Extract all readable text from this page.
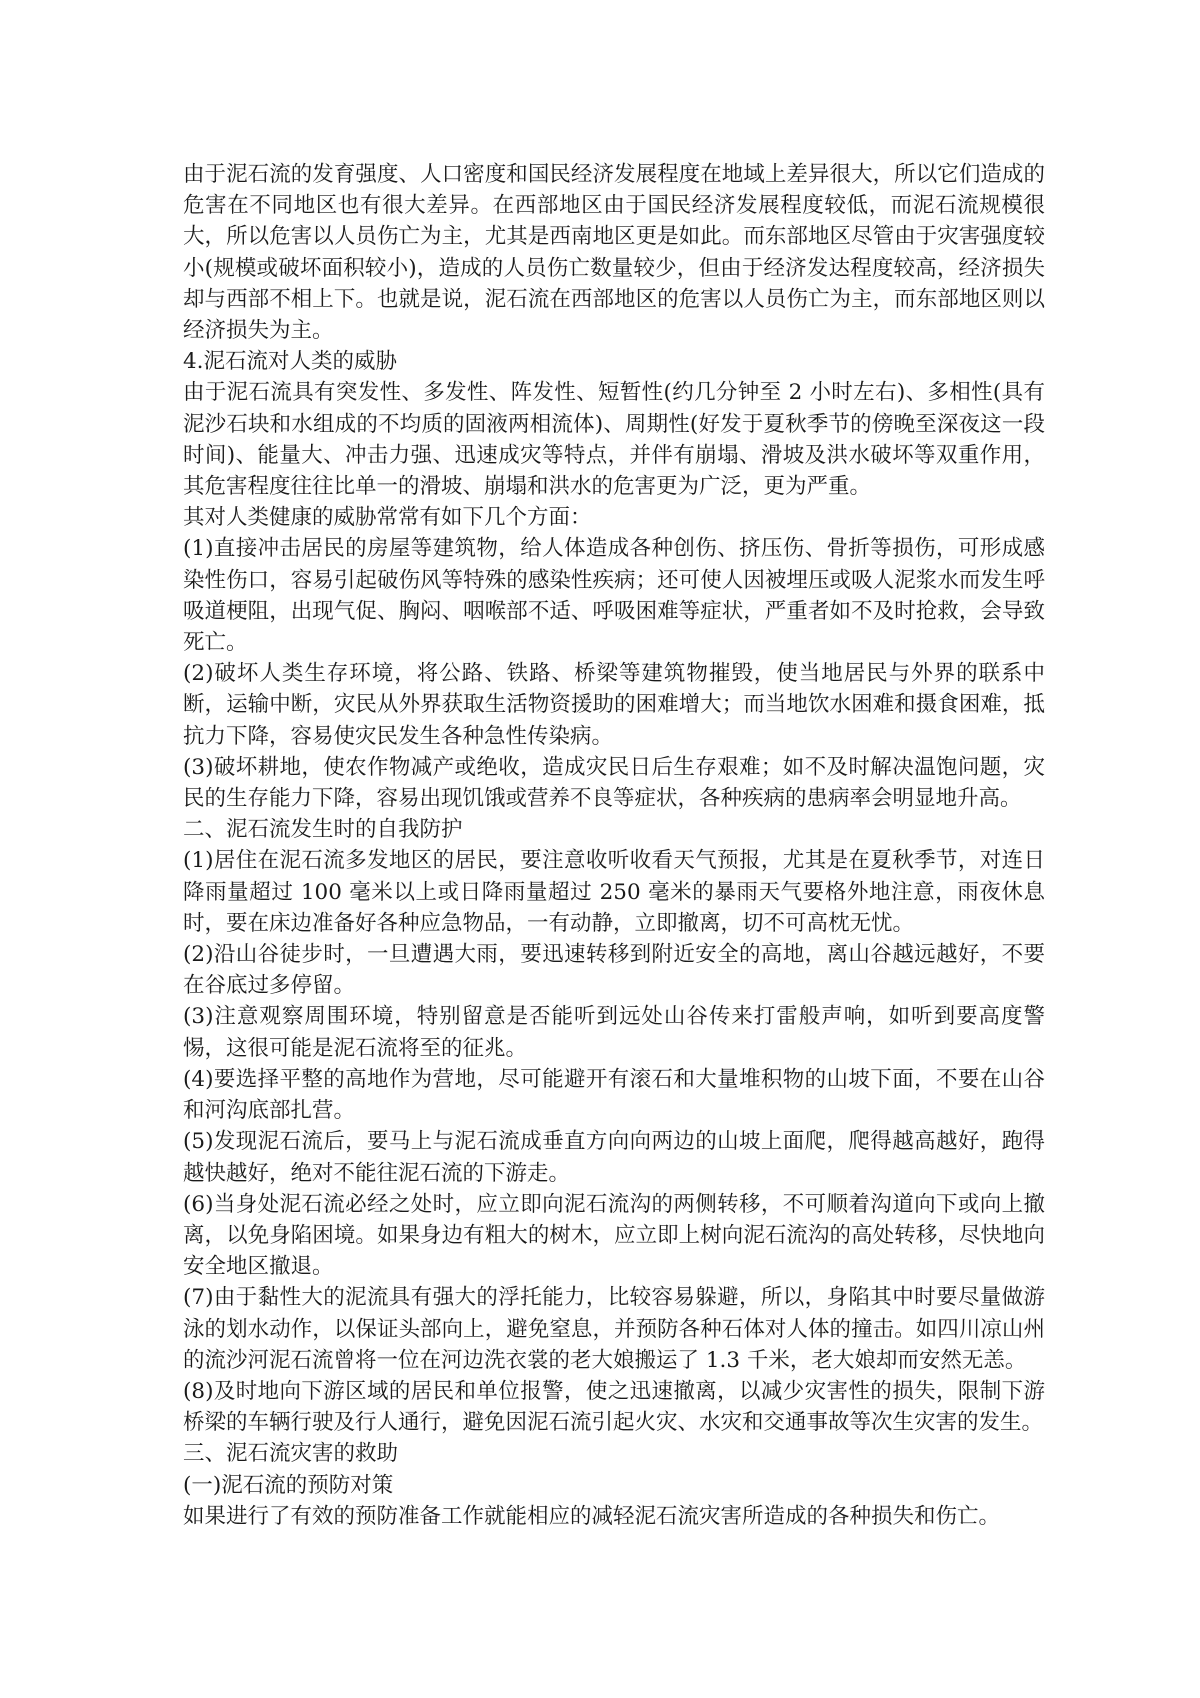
由于泥石流的发育强度、人口密度和国民经济发展程度在地域上差异很大，所以它们造成的危害在不同地区也有很大差异。在西部地区由于国民经济发展程度较低，而泥石流规模很大，所以危害以人员伤亡为主，尤其是西南地区更是如此。而东部地区尽管由于灾害强度较小(规模或破坏面积较小)，造成的人员伤亡数量较少，但由于经济发达程度较高，经济损失却与西部不相上下。也就是说，泥石流在西部地区的危害以人员伤亡为主，而东部地区则以经济损失为主。

4.泥石流对人类的威胁

由于泥石流具有突发性、多发性、阵发性、短暂性(约几分钟至 2 小时左右)、多相性(具有泥沙石块和水组成的不均质的固液两相流体)、周期性(好发于夏秋季节的傍晚至深夜这一段时间)、能量大、冲击力强、迅速成灾等特点，并伴有崩塌、滑坡及洪水破坏等双重作用，其危害程度往往比单一的滑坡、崩塌和洪水的危害更为广泛，更为严重。

其对人类健康的威胁常常有如下几个方面：

(1)直接冲击居民的房屋等建筑物，给人体造成各种创伤、挤压伤、骨折等损伤，可形成感染性伤口，容易引起破伤风等特殊的感染性疾病；还可使人因被埋压或吸人泥浆水而发生呼吸道梗阻，出现气促、胸闷、咽喉部不适、呼吸困难等症状，严重者如不及时抢救，会导致死亡。

(2)破坏人类生存环境，将公路、铁路、桥梁等建筑物摧毁，使当地居民与外界的联系中断，运输中断，灾民从外界获取生活物资援助的困难增大；而当地饮水困难和摄食困难，抵抗力下降，容易使灾民发生各种急性传染病。

(3)破坏耕地，使农作物减产或绝收，造成灾民日后生存艰难；如不及时解决温饱问题，灾民的生存能力下降，容易出现饥饿或营养不良等症状，各种疾病的患病率会明显地升高。

二、泥石流发生时的自我防护

(1)居住在泥石流多发地区的居民，要注意收听收看天气预报，尤其是在夏秋季节，对连日降雨量超过 100 毫米以上或日降雨量超过 250 毫米的暴雨天气要格外地注意，雨夜休息时，要在床边准备好各种应急物品，一有动静，立即撤离，切不可高枕无忧。

(2)沿山谷徒步时，一旦遭遇大雨，要迅速转移到附近安全的高地，离山谷越远越好，不要在谷底过多停留。

(3)注意观察周围环境，特别留意是否能听到远处山谷传来打雷般声响，如听到要高度警惕，这很可能是泥石流将至的征兆。

(4)要选择平整的高地作为营地，尽可能避开有滚石和大量堆积物的山坡下面，不要在山谷和河沟底部扎营。

(5)发现泥石流后，要马上与泥石流成垂直方向向两边的山坡上面爬，爬得越高越好，跑得越快越好，绝对不能往泥石流的下游走。

(6)当身处泥石流必经之处时，应立即向泥石流沟的两侧转移，不可顺着沟道向下或向上撤离，以免身陷困境。如果身边有粗大的树木，应立即上树向泥石流沟的高处转移，尽快地向安全地区撤退。

(7)由于黏性大的泥流具有强大的浮托能力，比较容易躲避，所以，身陷其中时要尽量做游泳的划水动作，以保证头部向上，避免窒息，并预防各种石体对人体的撞击。如四川凉山州的流沙河泥石流曾将一位在河边洗衣裳的老大娘搬运了 1.3 千米，老大娘却而安然无恙。

(8)及时地向下游区域的居民和单位报警，使之迅速撤离，以减少灾害性的损失，限制下游桥梁的车辆行驶及行人通行，避免因泥石流引起火灾、水灾和交通事故等次生灾害的发生。

三、泥石流灾害的救助

(一)泥石流的预防对策

如果进行了有效的预防准备工作就能相应的减轻泥石流灾害所造成的各种损失和伤亡。
